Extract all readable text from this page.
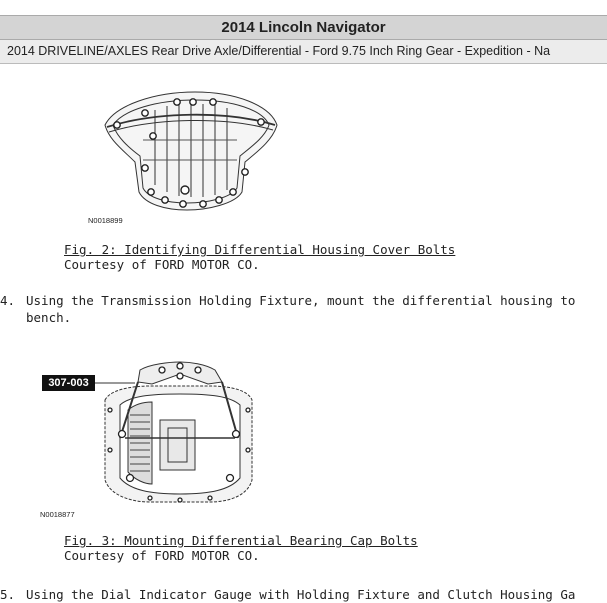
2014 Lincoln Navigator
2014 DRIVELINE/AXLES Rear Drive Axle/Differential - Ford 9.75 Inch Ring Gear - Expedition - Na
N0018899
Fig. 2: Identifying Differential Housing Cover Bolts
Courtesy of FORD MOTOR CO.
4. Using the Transmission Holding Fixture, mount the differential housing to
bench.
307-003
N0018877
Fig. 3: Mounting Differential Bearing Cap Bolts
Courtesy of FORD MOTOR CO.
5. Using the Dial Indicator Gauge with Holding Fixture and Clutch Housing Ga
